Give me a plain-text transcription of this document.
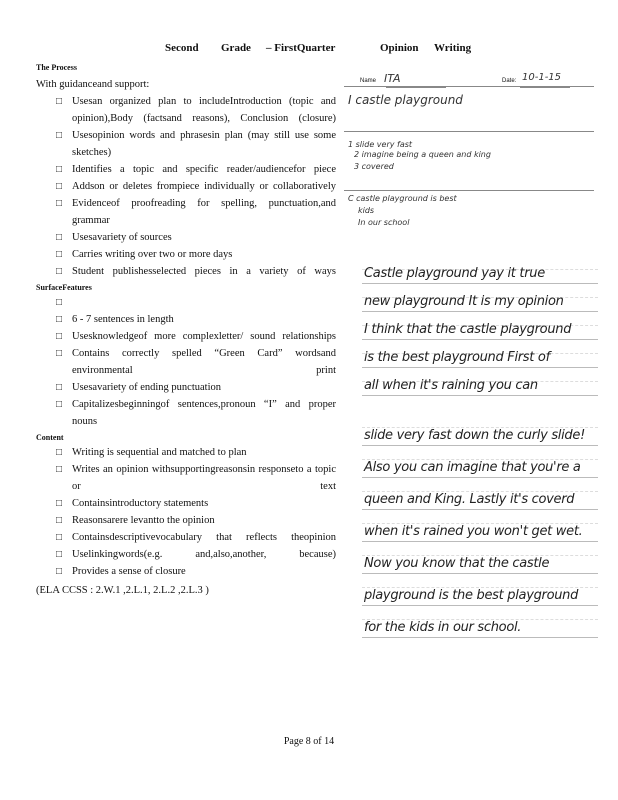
Second Grade – FirstQuarter	Opinion Writing
The Process
With guidanceand support:
□ Usesan organized plan to includeIntroduction (topic and opinion),Body (factsand reasons), Conclusion (closure)
□ Usesopinion words and phrasesin plan (may still use some sketches)
□ Identifies a topic and specific reader/audiencefor piece
□ Addson or deletes frompiece individually or collaboratively
□ Evidenceof proofreading for spelling, punctuation,and grammar
□ Usesavariety of sources
□ Carries writing over two or more days
□ Student publishesselected pieces in a variety of ways
SurfaceFeatures
□

□ 6 - 7 sentences in length
□ Usesknowledgeof more complexletter/ sound relationships
□ Contains correctly spelled “Green Card” wordsand environmental print
□ Usesavariety of ending punctuation
□ Capitalizesbeginningof sentences,pronoun “I” and proper nouns
Content
□ Writing is sequential and matched to plan
□ Writes an opinion withsupportingreasonsin responseto a topic or text
□ Containsintroductory statements
□ Reasonsarere levantto the opinion
□ Containsdescriptivevocabulary that reflects theopinion
□ Uselinkingwords(e.g. and,also,another, because)
□ Provides a sense of closure
(ELA CCSS : 2.W.1 ,2.L.1, 2.L.2 ,2.L.3 )
Name ITA	Date: 10-1-15
I castle playground
1 slide very fast
2 imagine being a queen and king
3 covered
C castle playground is best
kids
In our school
Castle playground yay it true
new playground It is my opinion
I think that the castle playground
is the best playground First of
all when it's raining you can
slide very fast down the curly slide!
Also you can imagine that you're a
queen and King. Lastly it's coverd
when it's rained you won't get wet.
Now you know that the castle
playground is the best playground
for the kids in our school.
Page 8 of 14
